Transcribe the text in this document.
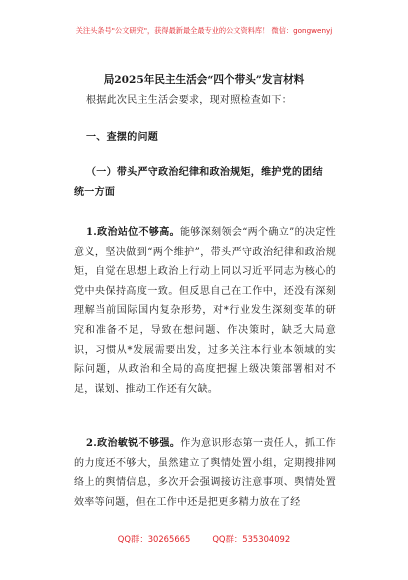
关注头条号"公文研究"，获得最新最全最专业的公文资料库！ 微信：gongwenyj
局2025年民主生活会“四个带头”发言材料
根据此次民主生活会要求，现对照检查如下：
一、查摆的问题
（一）带头严守政治纪律和政治规矩，维护党的团结
统一方面
1.政治站位不够高。能够深刻领会“两个确立”的决定性意义，坚决做到“两个维护”，带头严守政治纪律和政治规矩，自觉在思想上政治上行动上同以习近平同志为核心的党中央保持高度一致。但反思自己在工作中，还没有深刻理解当前国际国内复杂形势，对*行业发生深刻变革的研究和准备不足，导致在想问题、作决策时，缺乏大局意识，习惯从*发展需要出发，过多关注本行业本领域的实际问题，从政治和全局的高度把握上级决策部署相对不足，谋划、推动工作还有欠缺。
2.政治敏锐不够强。作为意识形态第一责任人，抓工作的力度还不够大，虽然建立了舆情处置小组，定期搜排网络上的舆情信息，多次开会强调接访注意事项、舆情处置效率等问题，但在工作中还是把更多精力放在了经
QQ群：30265665	QQ群：535304092
